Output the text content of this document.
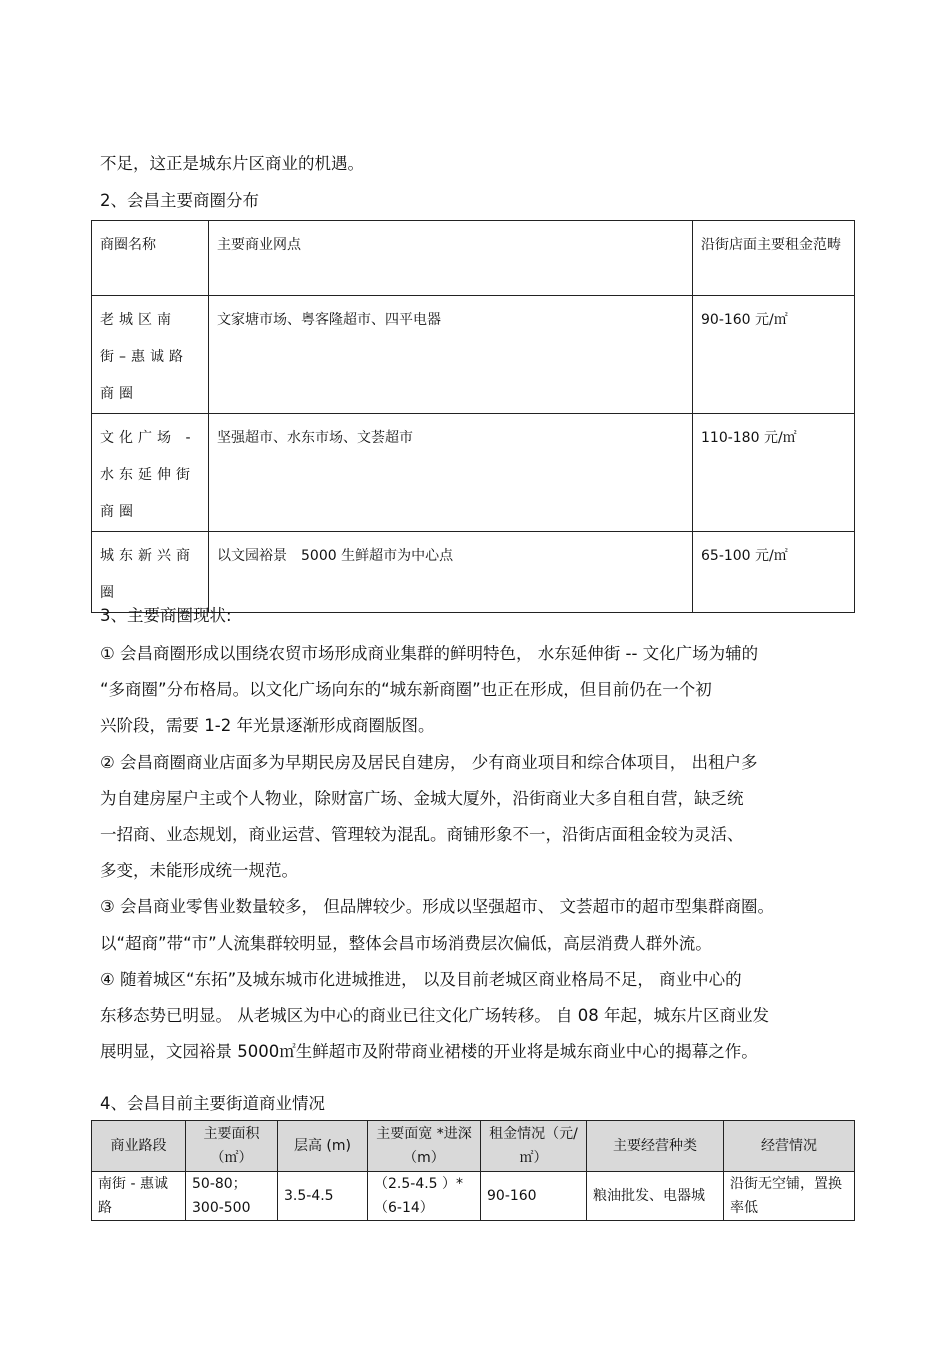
不足，这正是城东片区商业的机遇。
2、会昌主要商圈分布
商圈名称	主要商业网点	沿街店面主要租金范畴
老城区南街–惠诚路商圈	文家塘市场、粤客隆超市、四平电器	90-160 元/㎡
文化广场 -水东延伸街商圈	坚强超市、水东市场、文荟超市	110-180 元/㎡
城东新兴商圈	以文园裕景　5000 生鲜超市为中心点	65-100 元/㎡
3、主要商圈现状:

① 会昌商圈形成以围绕农贸市场形成商业集群的鲜明特色， 水东延伸街 -- 文化广场为辅的

“多商圈”分布格局。以文化广场向东的“城东新商圈”也正在形成，但目前仍在一个初

兴阶段，需要 1-2 年光景逐渐形成商圈版图。

② 会昌商圈商业店面多为早期民房及居民自建房， 少有商业项目和综合体项目， 出租户多

为自建房屋户主或个人物业，除财富广场、金城大厦外，沿街商业大多自租自营，缺乏统

一招商、业态规划，商业运营、管理较为混乱。商铺形象不一，沿街店面租金较为灵活、

多变，未能形成统一规范。

③ 会昌商业零售业数量较多， 但品牌较少。形成以坚强超市、 文荟超市的超市型集群商圈。

以“超商”带“市”人流集群较明显，整体会昌市场消费层次偏低，高层消费人群外流。

④ 随着城区“东拓”及城东城市化进城推进， 以及目前老城区商业格局不足， 商业中心的

东移态势已明显。 从老城区为中心的商业已往文化广场转移。 自 08 年起，城东片区商业发

展明显，文园裕景 5000㎡生鲜超市及附带商业裙楼的开业将是城东商业中心的揭幕之作。

4、会昌目前主要街道商业情况
商业路段	主要面积（㎡）	层高 (m)	主要面宽 *进深（m）	租金情况（元/㎡）	主要经营种类	经营情况
南街 - 惠诚路	50-80；300-500	3.5-4.5	（2.5-4.5 ）*（6-14）	90-160	粮油批发、电器城	沿街无空铺，置换率低
